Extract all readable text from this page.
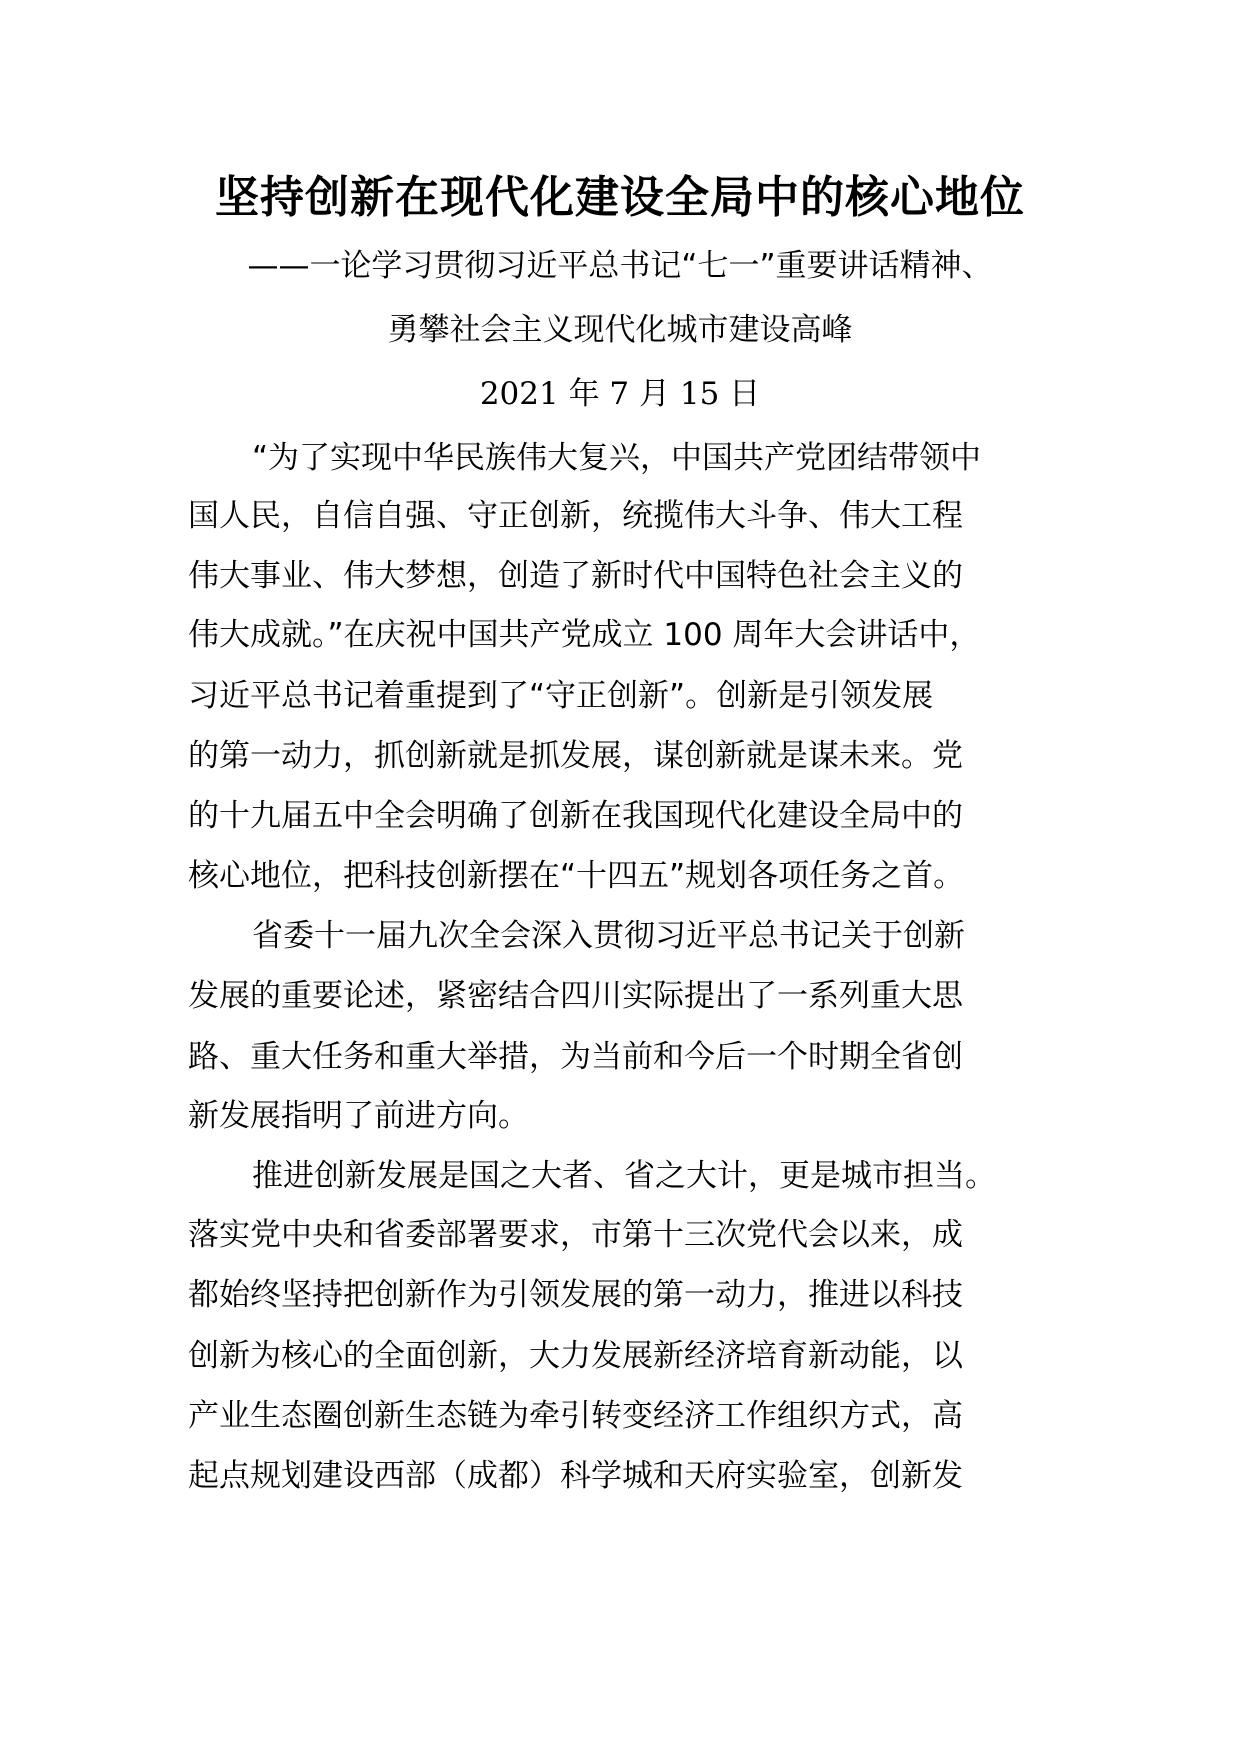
坚持创新在现代化建设全局中的核心地位
——一论学习贯彻习近平总书记“七一”重要讲话精神、
勇攀社会主义现代化城市建设高峰
2021 年 7 月 15 日
“为了实现中华民族伟大复兴，中国共产党团结带领中
国人民，自信自强、守正创新，统揽伟大斗争、伟大工程
伟大事业、伟大梦想，创造了新时代中国特色社会主义的
伟大成就。”在庆祝中国共产党成立 100 周年大会讲话中，
习近平总书记着重提到了“守正创新”。创新是引领发展
的第一动力，抓创新就是抓发展，谋创新就是谋未来。党
的十九届五中全会明确了创新在我国现代化建设全局中的
核心地位，把科技创新摆在“十四五”规划各项任务之首。
省委十一届九次全会深入贯彻习近平总书记关于创新
发展的重要论述，紧密结合四川实际提出了一系列重大思
路、重大任务和重大举措，为当前和今后一个时期全省创
新发展指明了前进方向。
推进创新发展是国之大者、省之大计，更是城市担当。
落实党中央和省委部署要求，市第十三次党代会以来，成
都始终坚持把创新作为引领发展的第一动力，推进以科技
创新为核心的全面创新，大力发展新经济培育新动能，以
产业生态圈创新生态链为牵引转变经济工作组织方式，高
起点规划建设西部（成都）科学城和天府实验室，创新发
